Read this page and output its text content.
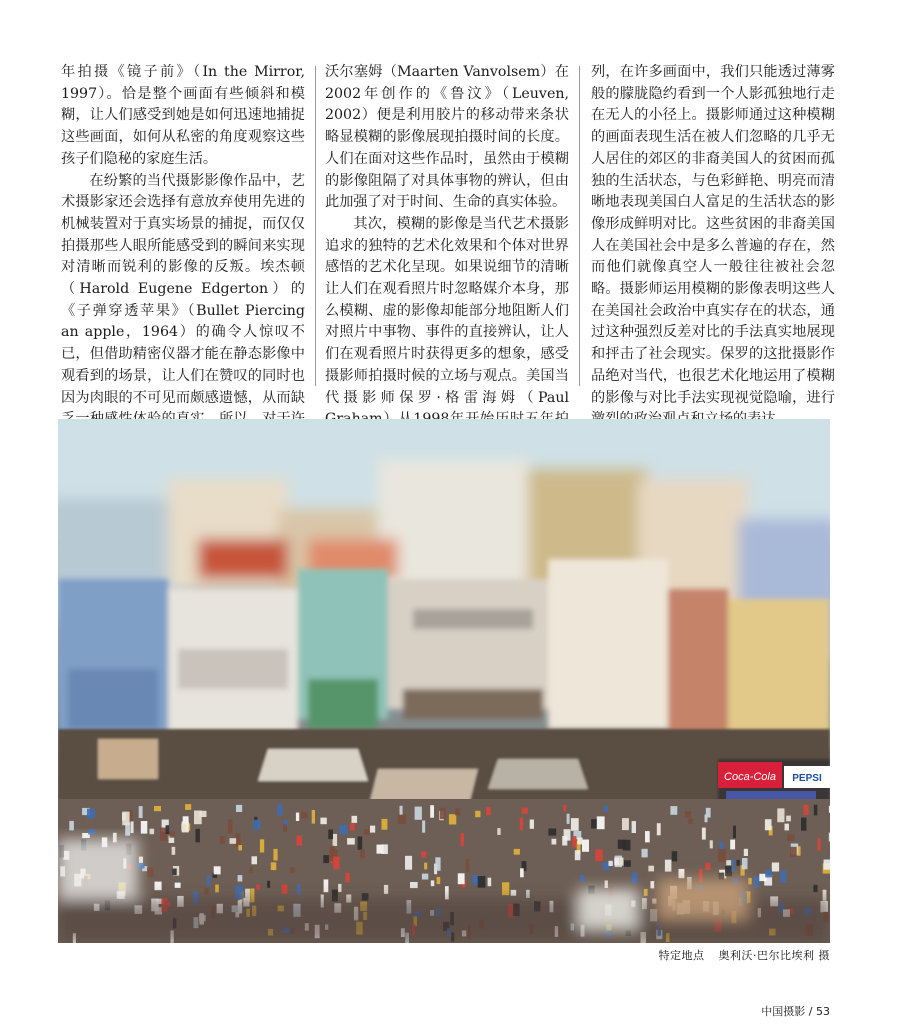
年拍摄《镜子前》（In the Mirror, 1997）。恰是整个画面有些倾斜和模糊，让人们感受到她是如何迅速地捕捉这些画面，如何从私密的角度观察这些孩子们隐秘的家庭生活。

在纷繁的当代摄影影像作品中，艺术摄影家还会选择有意放弃使用先进的机械装置对于真实场景的捕捉，而仅仅拍摄那些人眼所能感受到的瞬间来实现对清晰而锐利的影像的反叛。埃杰顿（Harold Eugene Edgerton）的《子弹穿透苹果》（Bullet Piercing an apple，1964）的确令人惊叹不已，但借助精密仪器才能在静态影像中观看到的场景，让人们在赞叹的同时也因为肉眼的不可见而颇感遗憾，从而缺

沃尔塞姆（Maarten Vanvolsem）在2002年创作的《鲁汶》（Leuven, 2002）便是利用胶片的移动带来条状略显模糊的影像展现拍摄时间的长度。人们在面对这些作品时，虽然由于模糊的影像阻隔了对具体事物的辨认，但由此加强了对于时间、生命的真实体验。

其次，模糊的影像是当代艺术摄影追求的独特的艺术化效果和个体对世界感悟的艺术化呈现。如果说细节的清晰让人们在观看照片时忽略媒介本身，那么模糊、虚的影像却能部分地阻断人们对照片中事物、事件的直接辨认，让人们在观看照片时获得更多的想象，感受摄影师拍摄时候的立场与观点。美国当代摄影师保罗·格雷海姆（Paul

列，在许多画面中，我们只能透过薄雾般的朦胧隐约看到一个人影孤独地行走在无人的小径上。摄影师通过这种模糊的画面表现生活在被人们忽略的几乎无人居住的郊区的非裔美国人的贫困而孤独的生活状态，与色彩鲜艳、明亮而清晰地表现美国白人富足的生活状态的影像形成鲜明对比。这些贫困的非裔美国人在美国社会中是多么普遍的存在，然而他们就像真空人一般往往被社会忽略。摄影师运用模糊的影像表明这些人在美国社会政治中真实存在的状态，通过这种强烈反差对比的手法真实地展现和抨击了社会现实。保罗的这批摄影作品绝对当代，也很艺术化地运用了模糊的影像与对比手法实现视觉隐喻，进行

Coca-Cola PEPSI
特定地点 奥利沃·巴尔比埃利 摄
中国摄影 / 53
